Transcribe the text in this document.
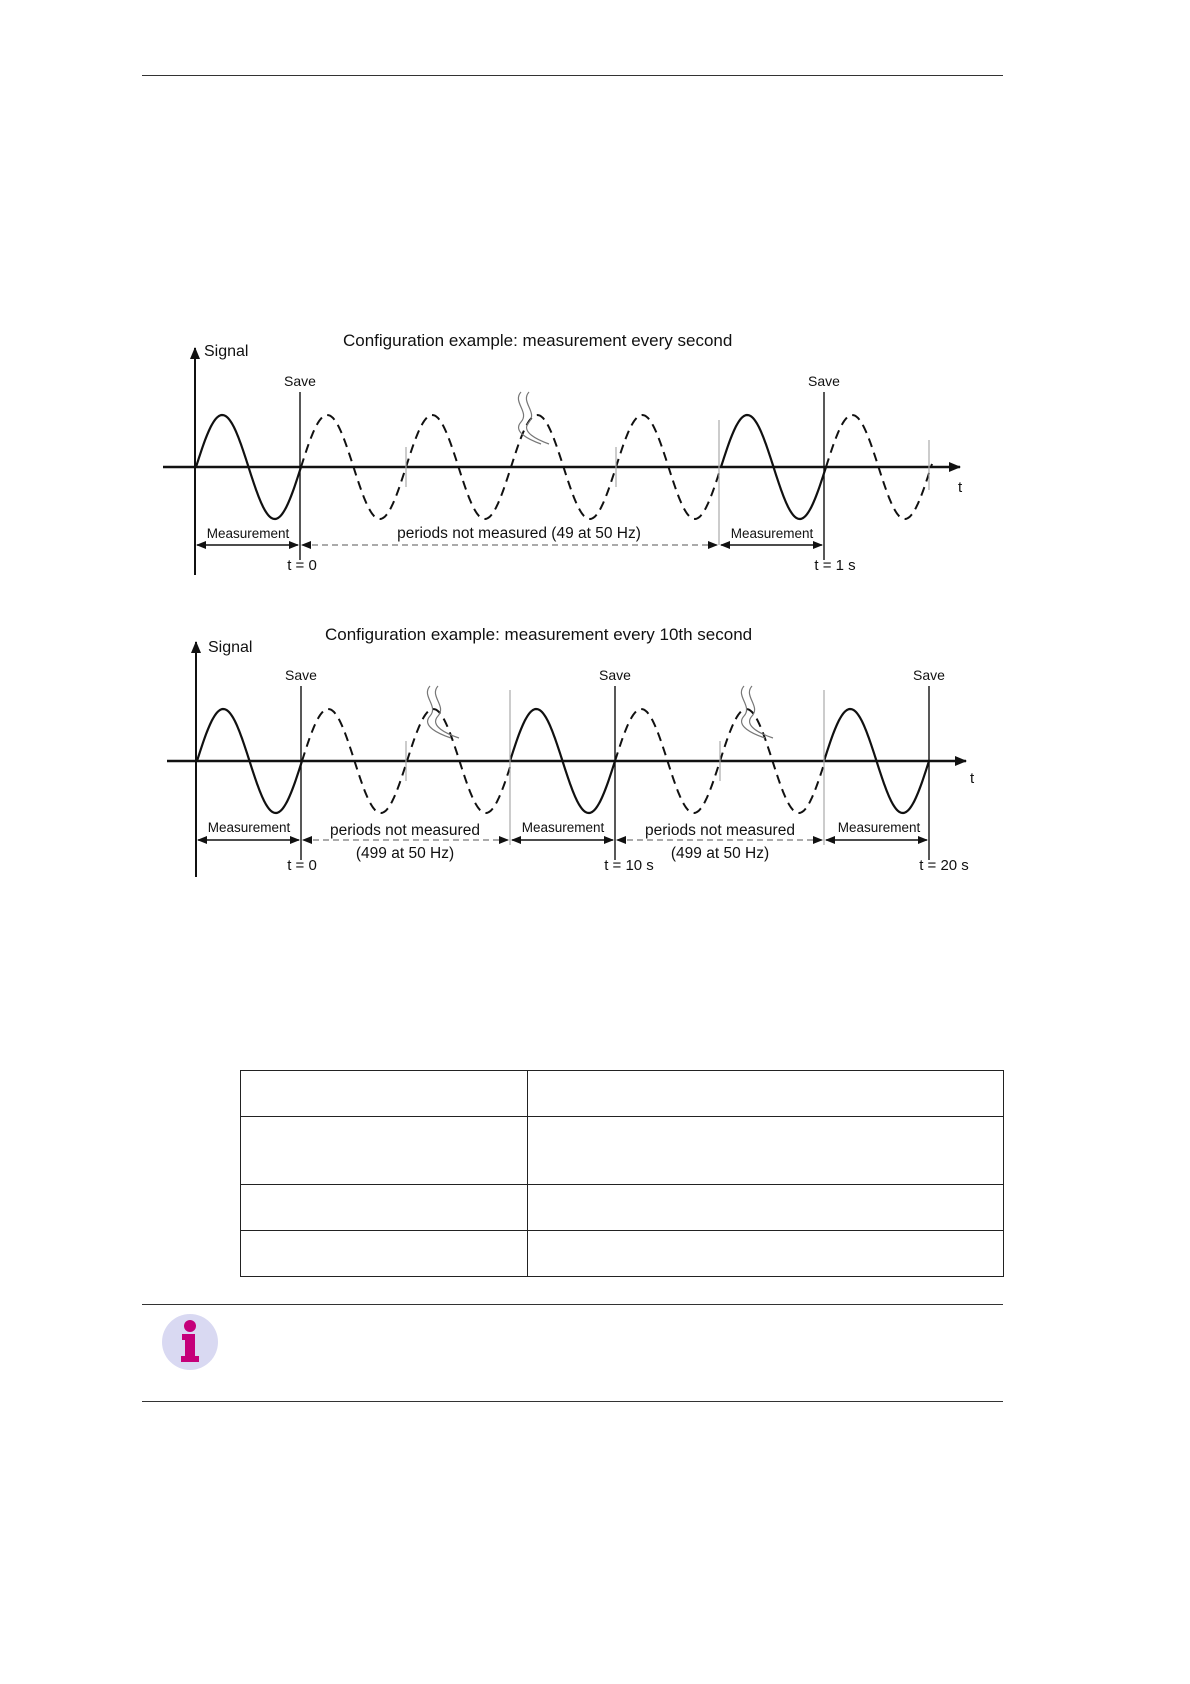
Configuration example: measurement every second
Signal
t
Save	Save
Measurement	periods not measured (49 at 50 Hz)	Measurement
t = 0	t = 1 s
Configuration example: measurement every 10th second
Signal
t
Save	Save	Save
Measurement	Measurement	Measurement
periods not measured
(499 at 50 Hz)
periods not measured
(499 at 50 Hz)
t = 0	t = 10 s	t = 20 s
